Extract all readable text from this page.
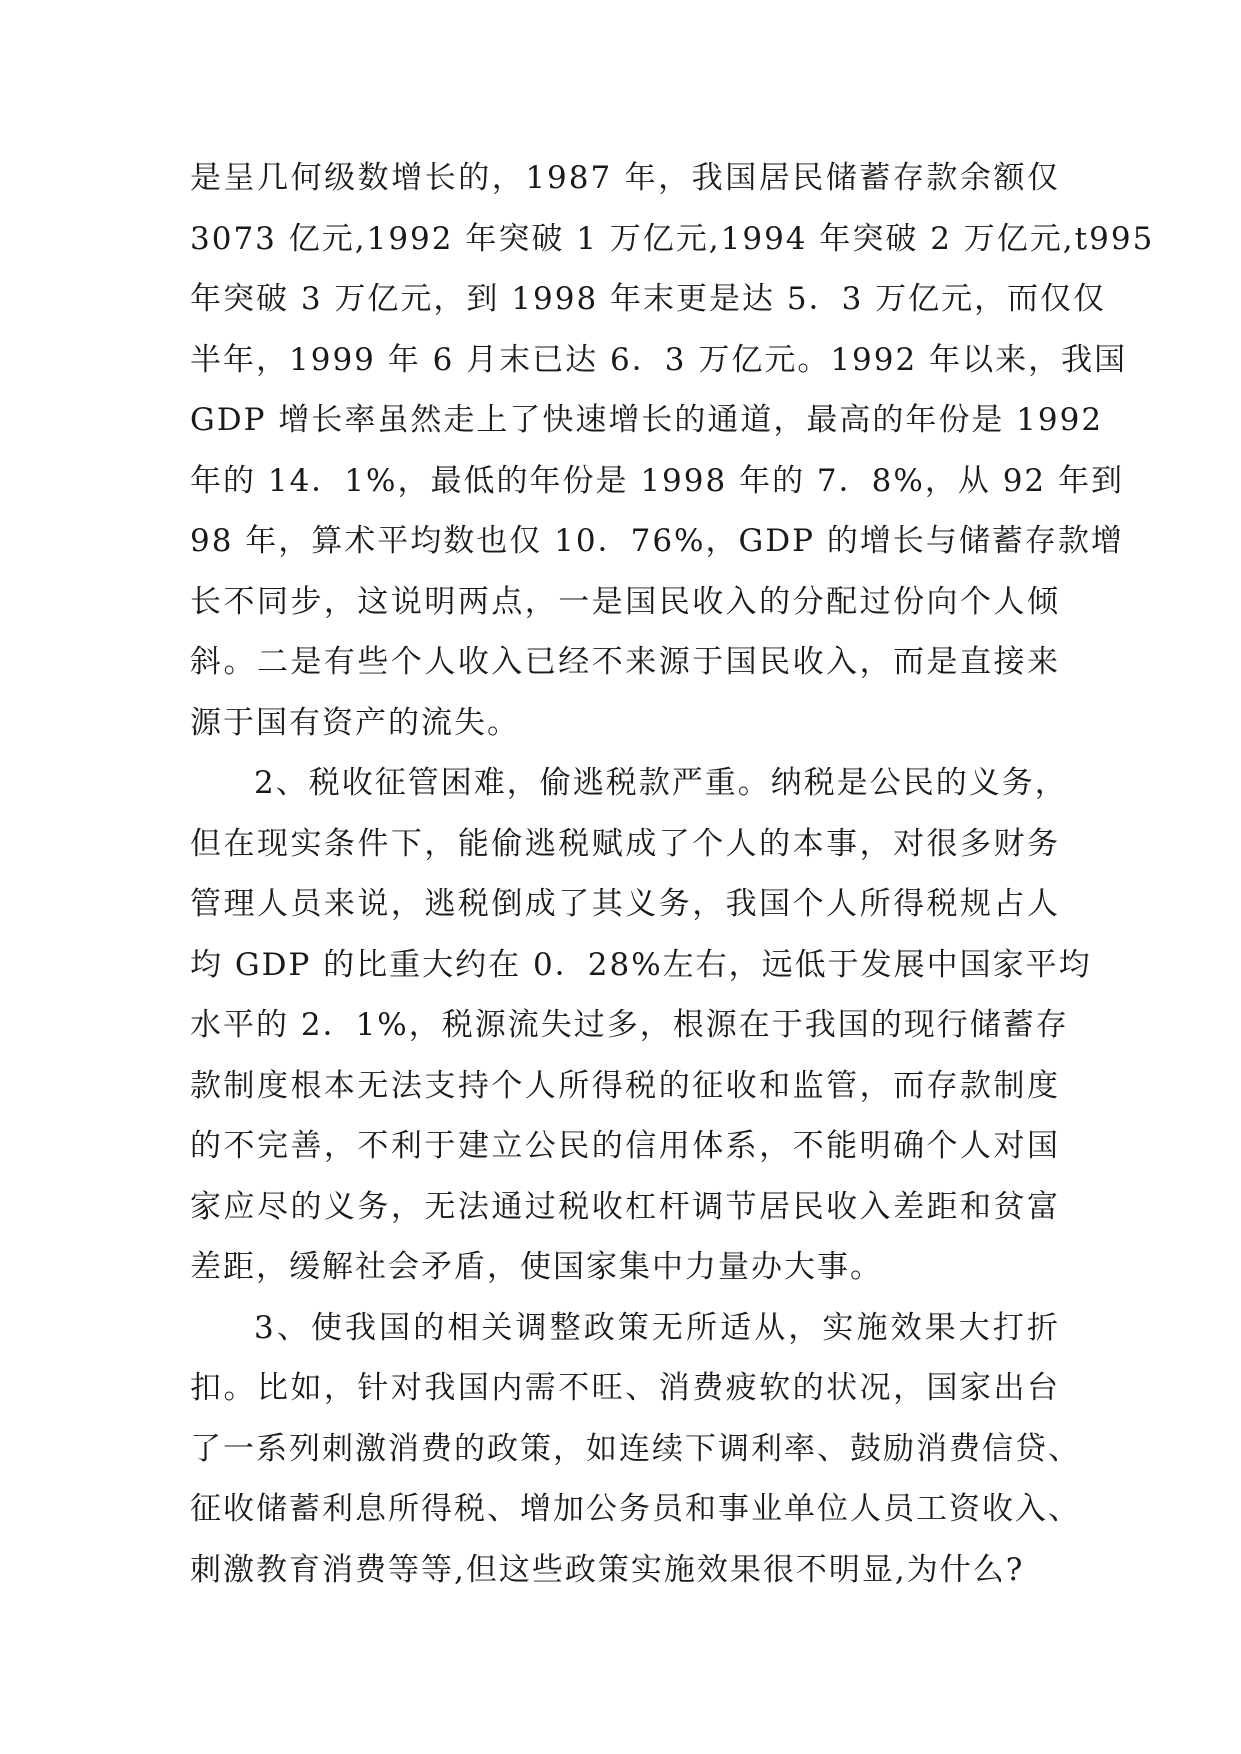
是呈几何级数增长的，1987 年，我国居民储蓄存款余额仅
3073 亿元,1992 年突破 1 万亿元,1994 年突破 2 万亿元,t995
年突破 3 万亿元，到 1998 年末更是达 5．3 万亿元，而仅仅
半年，1999 年 6 月末已达 6．3 万亿元。1992 年以来，我国
GDP 增长率虽然走上了快速增长的通道，最高的年份是 1992
年的 14．1%，最低的年份是 1998 年的 7．8%，从 92 年到
98 年，算术平均数也仅 10．76%，GDP 的增长与储蓄存款增
长不同步，这说明两点，一是国民收入的分配过份向个人倾
斜。二是有些个人收入已经不来源于国民收入，而是直接来
源于国有资产的流失。
2、税收征管困难，偷逃税款严重。纳税是公民的义务，
但在现实条件下，能偷逃税赋成了个人的本事，对很多财务
管理人员来说，逃税倒成了其义务，我国个人所得税规占人
均 GDP 的比重大约在 0．28%左右，远低于发展中国家平均
水平的 2．1%，税源流失过多，根源在于我国的现行储蓄存
款制度根本无法支持个人所得税的征收和监管，而存款制度
的不完善，不利于建立公民的信用体系，不能明确个人对国
家应尽的义务，无法通过税收杠杆调节居民收入差距和贫富
差距，缓解社会矛盾，使国家集中力量办大事。
3、使我国的相关调整政策无所适从，实施效果大打折
扣。比如，针对我国内需不旺、消费疲软的状况，国家出台
了一系列刺激消费的政策，如连续下调利率、鼓励消费信贷、
征收储蓄利息所得税、增加公务员和事业单位人员工资收入、
刺激教育消费等等,但这些政策实施效果很不明显,为什么?
